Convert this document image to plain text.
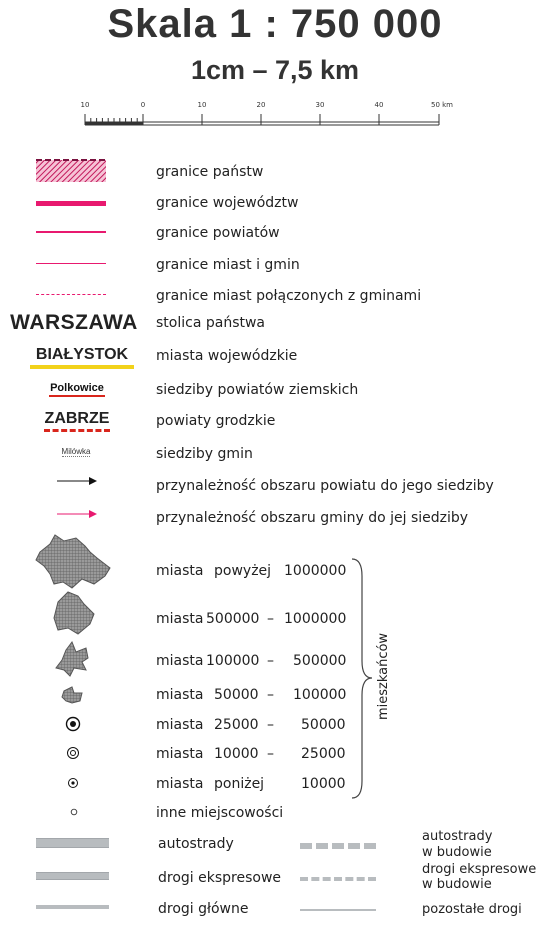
Skala 1 : 750 000
1cm – 7,5 km
10	0	10	20	30	40	50 km
granice państw
granice województw
granice powiatów
granice miast i gmin
granice miast połączonych z gminami
WARSZAWA stolica państwa
BIAŁYSTOK	miasta wojewódzkie
Polkowice	siedziby powiatów ziemskich
ZABRZE	powiaty grodzkie
Milówka	siedziby gmin
przynależność obszaru powiatu do jego siedziby
przynależność obszaru gminy do jej siedziby
miasta powyżej 1000000
miasta 500000 – 1000000
miasta 100000 – 500000
miasta 50000 – 100000
miasta 25000 – 50000
miasta 10000 – 25000
miasta poniżej	10000
inne miejscowości
mieszkańców
autostrady
drogi ekspresowe
drogi główne
autostrady
w budowie
drogi ekspresowe
w budowie
pozostałe drogi
